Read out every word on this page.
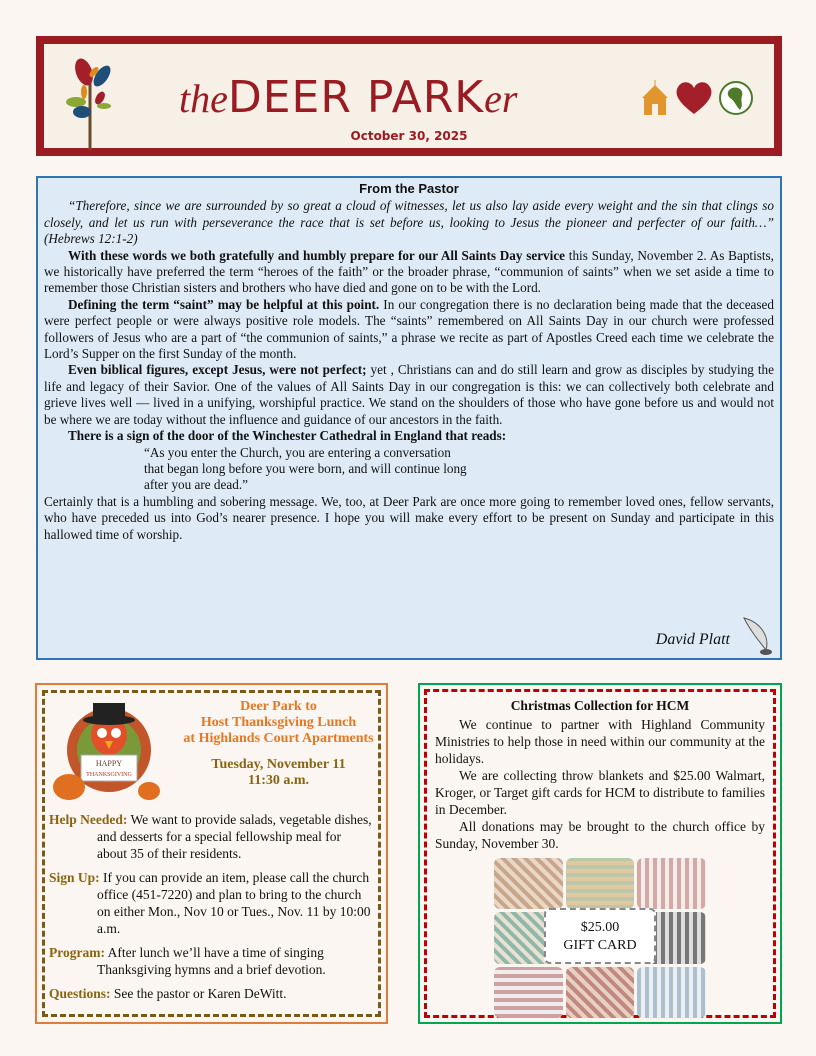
theDEER PARKer
October 30, 2025
From the Pastor

“Therefore, since we are surrounded by so great a cloud of witnesses, let us also lay aside every weight and the sin that clings so closely, and let us run with perseverance the race that is set before us, looking to Jesus the pioneer and perfecter of our faith…” (Hebrews 12:1-2)

With these words we both gratefully and humbly prepare for our All Saints Day service this Sunday, November 2. As Baptists, we historically have preferred the term “heroes of the faith” or the broader phrase, “communion of saints” when we set aside a time to remember those Christian sisters and brothers who have died and gone on to be with the Lord.

Defining the term “saint” may be helpful at this point. In our congregation there is no declaration being made that the deceased were perfect people or were always positive role models. The “saints” remembered on All Saints Day in our church were professed followers of Jesus who are a part of “the communion of saints,” a phrase we recite as part of Apostles Creed each time we celebrate the Lord’s Supper on the first Sunday of the month.

Even biblical figures, except Jesus, were not perfect; yet , Christians can and do still learn and grow as disciples by studying the life and legacy of their Savior. One of the values of All Saints Day in our congregation is this: we can collectively both celebrate and grieve lives well — lived in a unifying, worshipful practice. We stand on the shoulders of those who have gone before us and would not be where we are today without the influence and guidance of our ancestors in the faith.

There is a sign of the door of the Winchester Cathedral in England that reads:

“As you enter the Church, you are entering a conversation

that began long before you were born, and will continue long

after you are dead.”

Certainly that is a humbling and sobering message. We, too, at Deer Park are once more going to remember loved ones, fellow servants, who have preceded us into God’s nearer presence. I hope you will make every effort to be present on Sunday and participate in this hallowed time of worship.

David Platt
HAPPY
THANKSGIVING
Deer Park to
Host Thanksgiving Lunch
at Highlands Court Apartments
Tuesday, November 11
11:30 a.m.

Help Needed: We want to provide salads, vegetable dishes, and desserts for a special fellowship meal for about 35 of their residents.

Sign Up: If you can provide an item, please call the church office (451-7220) and plan to bring to the church on either Mon., Nov 10 or Tues., Nov. 11 by 10:00 a.m.

Program: After lunch we’ll have a time of singing Thanksgiving hymns and a brief devotion.

Questions: See the pastor or Karen DeWitt.

Christmas Collection for HCM

We continue to partner with Highland Community Ministries to help those in need within our community at the holidays.

We are collecting throw blankets and $25.00 Walmart, Kroger, or Target gift cards for HCM to distribute to families in December.

All donations may be brought to the church office by Sunday, November 30.

$25.00
GIFT CARD
